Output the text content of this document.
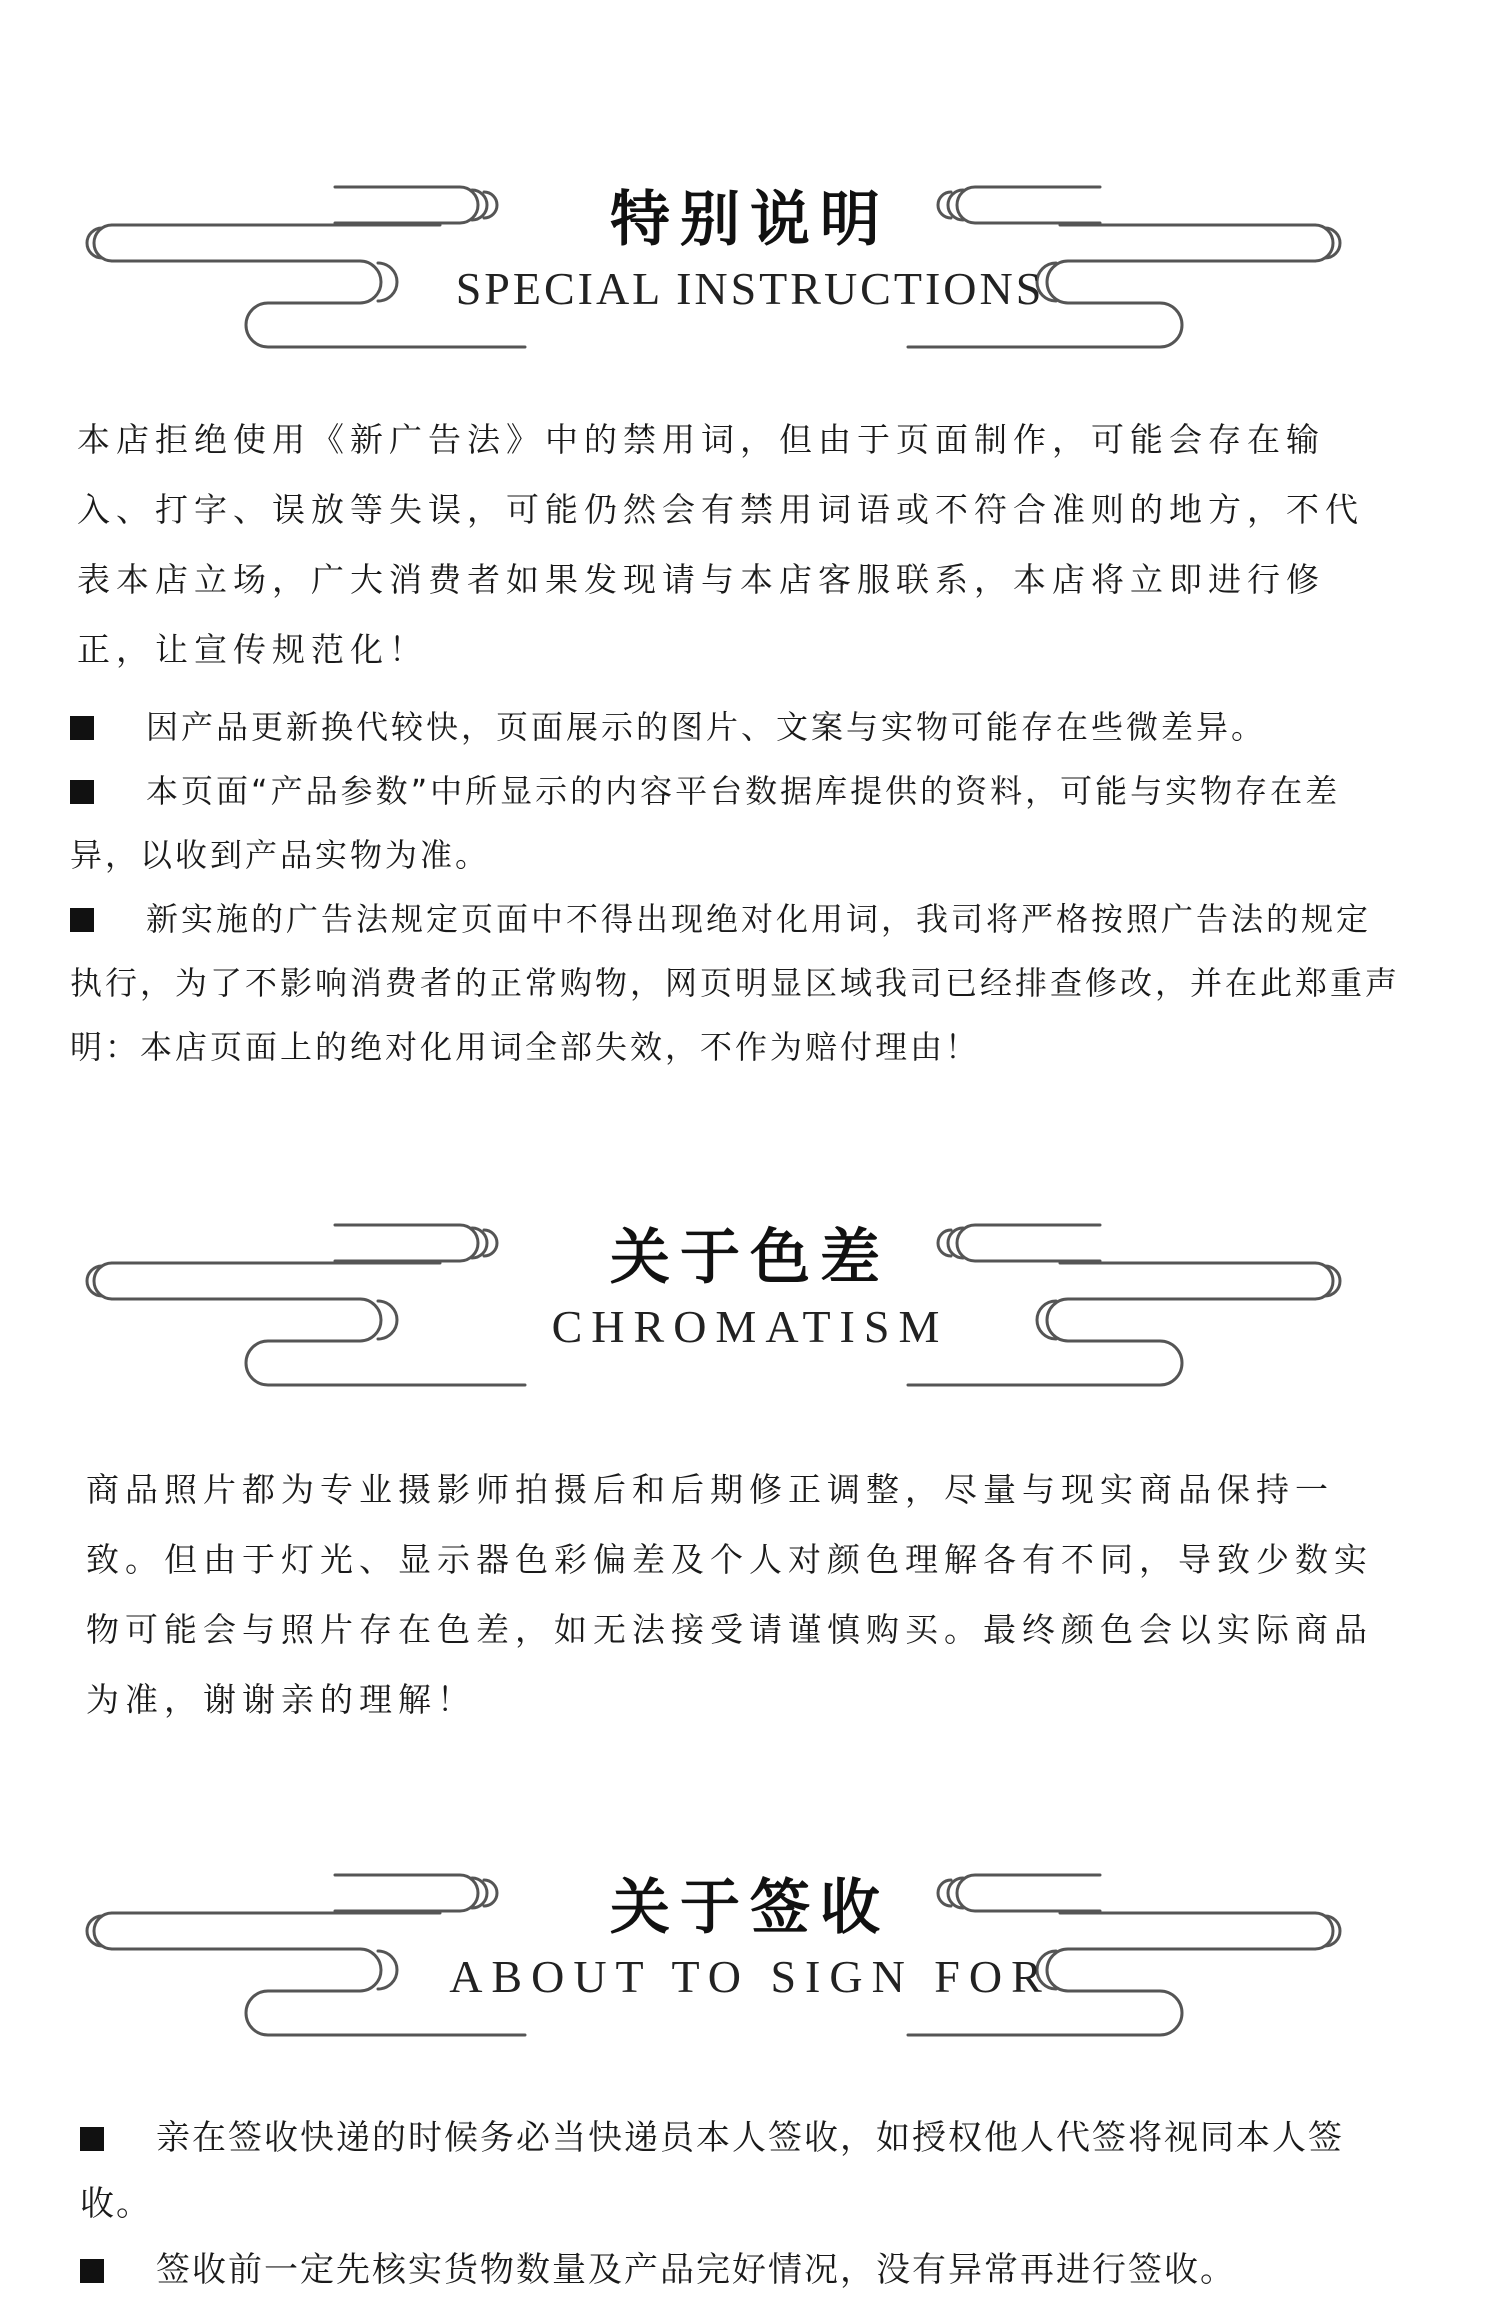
特别说明
SPECIAL INSTRUCTIONS

本店拒绝使用《新广告法》中的禁用词，但由于页面制作，可能会存在输入、打字、误放等失误，可能仍然会有禁用词语或不符合准则的地方，不代表本店立场，广大消费者如果发现请与本店客服联系，本店将立即进行修正，让宣传规范化！

因产品更新换代较快，页面展示的图片、文案与实物可能存在些微差异。
本页面“产品参数”中所显示的内容平台数据库提供的资料，可能与实物存在差异，以收到产品实物为准。
新实施的广告法规定页面中不得出现绝对化用词，我司将严格按照广告法的规定执行，为了不影响消费者的正常购物，网页明显区域我司已经排查修改，并在此郑重声明：本店页面上的绝对化用词全部失效，不作为赔付理由！
关于色差
CHROMATISM

商品照片都为专业摄影师拍摄后和后期修正调整，尽量与现实商品保持一致。但由于灯光、显示器色彩偏差及个人对颜色理解各有不同，导致少数实物可能会与照片存在色差，如无法接受请谨慎购买。最终颜色会以实际商品为准，谢谢亲的理解！

关于签收
ABOUT TO SIGN FOR
亲在签收快递的时候务必当快递员本人签收，如授权他人代签将视同本人签收。
签收前一定先核实货物数量及产品完好情况，没有异常再进行签收。
